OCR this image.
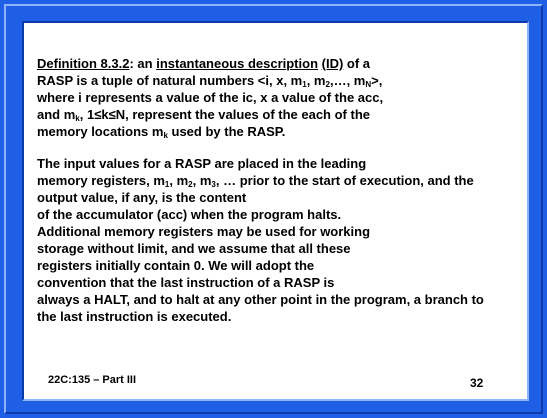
Definition 8.3.2: an instantaneous description (ID) of a
RASP is a tuple of natural numbers <i, x, $m_1$, $m_2,\dots$, $m_N>$,
where i represents a value of the ic, x a value of the acc,
and $m_k$, 1≤k≤N, represent the values of the each of the
memory locations $m_k$ used by the RASP.
The input values for a RASP are placed in the leading
memory registers, $m_1$, $m_2$, $m_3$, … prior to the start of execution, and the
output value, if any, is the content
of the accumulator (acc) when the program halts.
Additional memory registers may be used for working
storage without limit, and we assume that all these
registers initially contain 0. We will adopt the
convention that the last instruction of a RASP is
always a HALT, and to halt at any other point in the program, a branch to
the last instruction is executed.
22C:135 – Part III	32
